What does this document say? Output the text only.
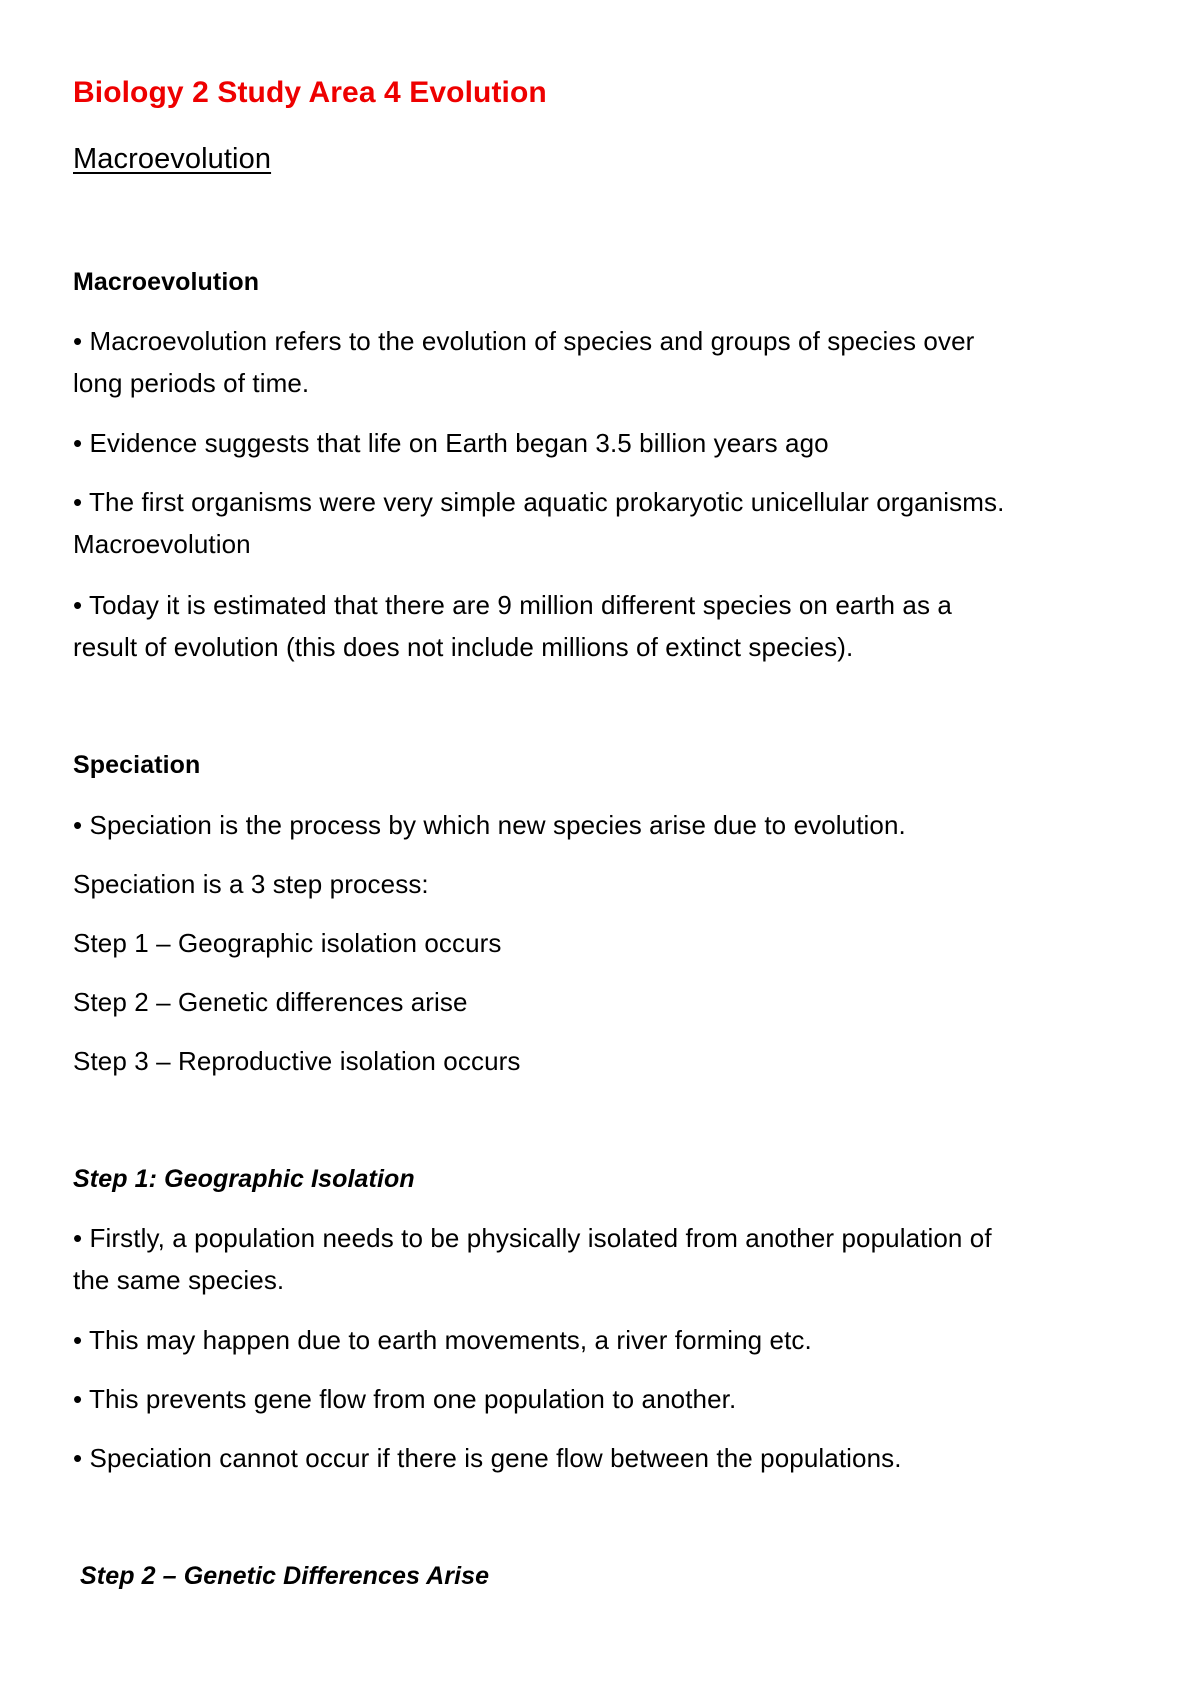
Biology 2 Study Area 4 Evolution
Macroevolution
Macroevolution
• Macroevolution refers to the evolution of species and groups of species over
long periods of time.
• Evidence suggests that life on Earth began 3.5 billion years ago
• The first organisms were very simple aquatic prokaryotic unicellular organisms.
Macroevolution
• Today it is estimated that there are 9 million different species on earth as a
result of evolution (this does not include millions of extinct species).
Speciation
• Speciation is the process by which new species arise due to evolution.
Speciation is a 3 step process:
Step 1 – Geographic isolation occurs
Step 2 – Genetic differences arise
Step 3 – Reproductive isolation occurs
Step 1: Geographic Isolation
• Firstly, a population needs to be physically isolated from another population of
the same species.
• This may happen due to earth movements, a river forming etc.
• This prevents gene flow from one population to another.
• Speciation cannot occur if there is gene flow between the populations.
Step 2 – Genetic Differences Arise
